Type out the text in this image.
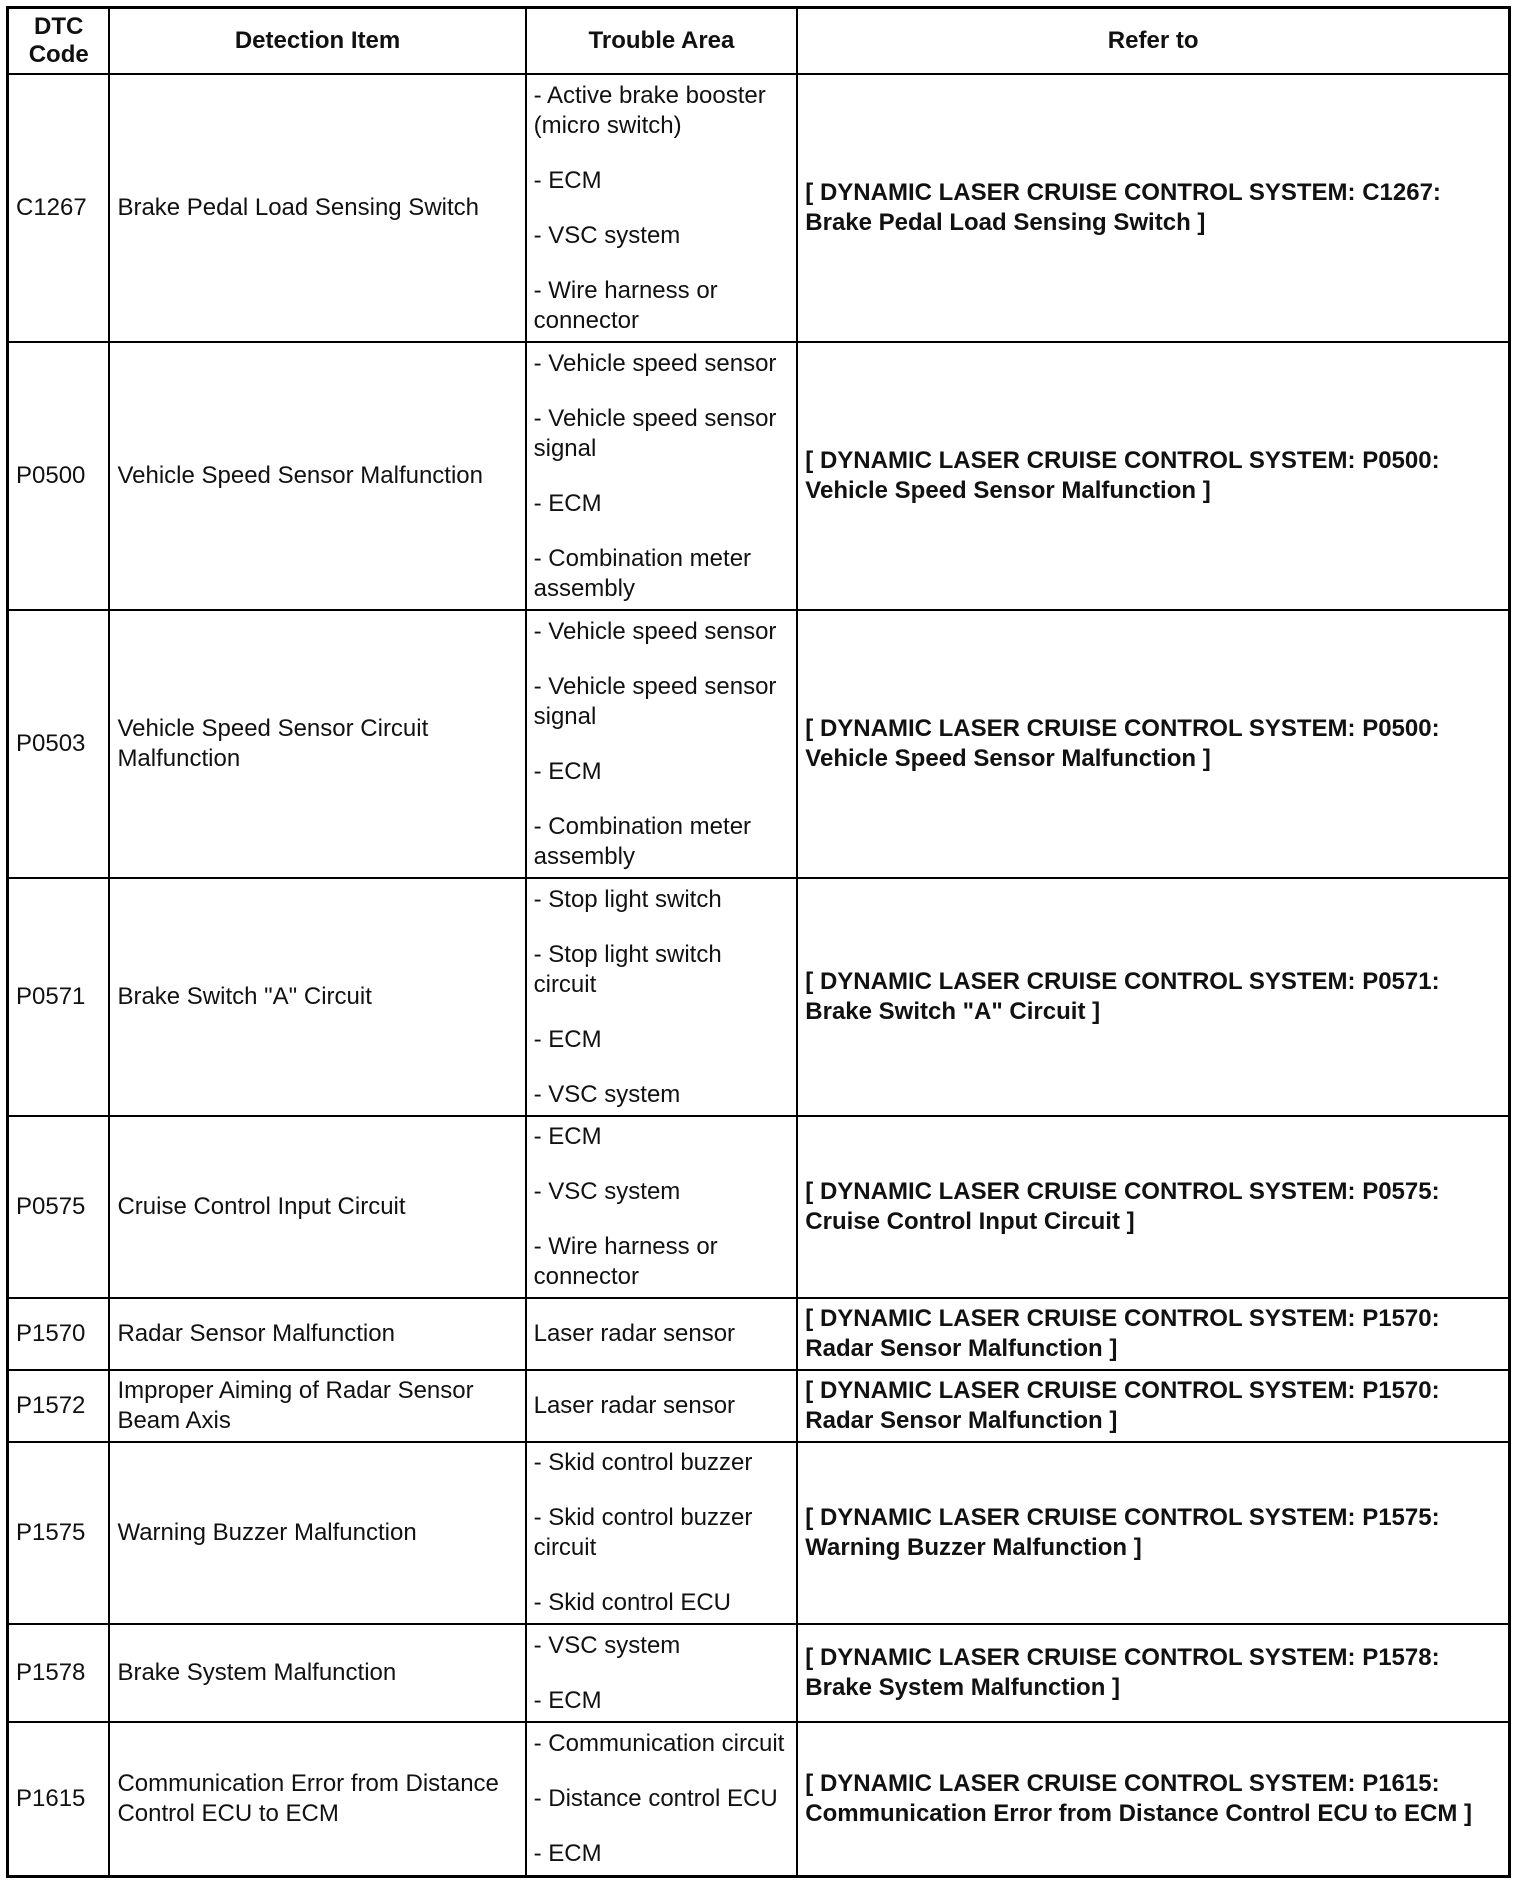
DTC
Code	Detection Item	Trouble Area	Refer to
C1267	Brake Pedal Load Sensing Switch	- Active brake booster (micro switch)
- ECM
- VSC system
- Wire harness or connector	[ DYNAMIC LASER CRUISE CONTROL SYSTEM: C1267: Brake Pedal Load Sensing Switch ]
P0500	Vehicle Speed Sensor Malfunction	- Vehicle speed sensor
- Vehicle speed sensor signal
- ECM
- Combination meter assembly	[ DYNAMIC LASER CRUISE CONTROL SYSTEM: P0500: Vehicle Speed Sensor Malfunction ]
P0503	Vehicle Speed Sensor Circuit Malfunction	- Vehicle speed sensor
- Vehicle speed sensor signal
- ECM
- Combination meter assembly	[ DYNAMIC LASER CRUISE CONTROL SYSTEM: P0500: Vehicle Speed Sensor Malfunction ]
P0571	Brake Switch "A" Circuit	- Stop light switch
- Stop light switch circuit
- ECM
- VSC system	[ DYNAMIC LASER CRUISE CONTROL SYSTEM: P0571: Brake Switch "A" Circuit ]
P0575	Cruise Control Input Circuit	- ECM
- VSC system
- Wire harness or connector	[ DYNAMIC LASER CRUISE CONTROL SYSTEM: P0575: Cruise Control Input Circuit ]
P1570	Radar Sensor Malfunction	Laser radar sensor	[ DYNAMIC LASER CRUISE CONTROL SYSTEM: P1570: Radar Sensor Malfunction ]
P1572	Improper Aiming of Radar Sensor Beam Axis	Laser radar sensor	[ DYNAMIC LASER CRUISE CONTROL SYSTEM: P1570: Radar Sensor Malfunction ]
P1575	Warning Buzzer Malfunction	- Skid control buzzer
- Skid control buzzer circuit
- Skid control ECU	[ DYNAMIC LASER CRUISE CONTROL SYSTEM: P1575: Warning Buzzer Malfunction ]
P1578	Brake System Malfunction	- VSC system
- ECM	[ DYNAMIC LASER CRUISE CONTROL SYSTEM: P1578: Brake System Malfunction ]
P1615	Communication Error from Distance Control ECU to ECM	- Communication circuit
- Distance control ECU
- ECM	[ DYNAMIC LASER CRUISE CONTROL SYSTEM: P1615: Communication Error from Distance Control ECU to ECM ]
